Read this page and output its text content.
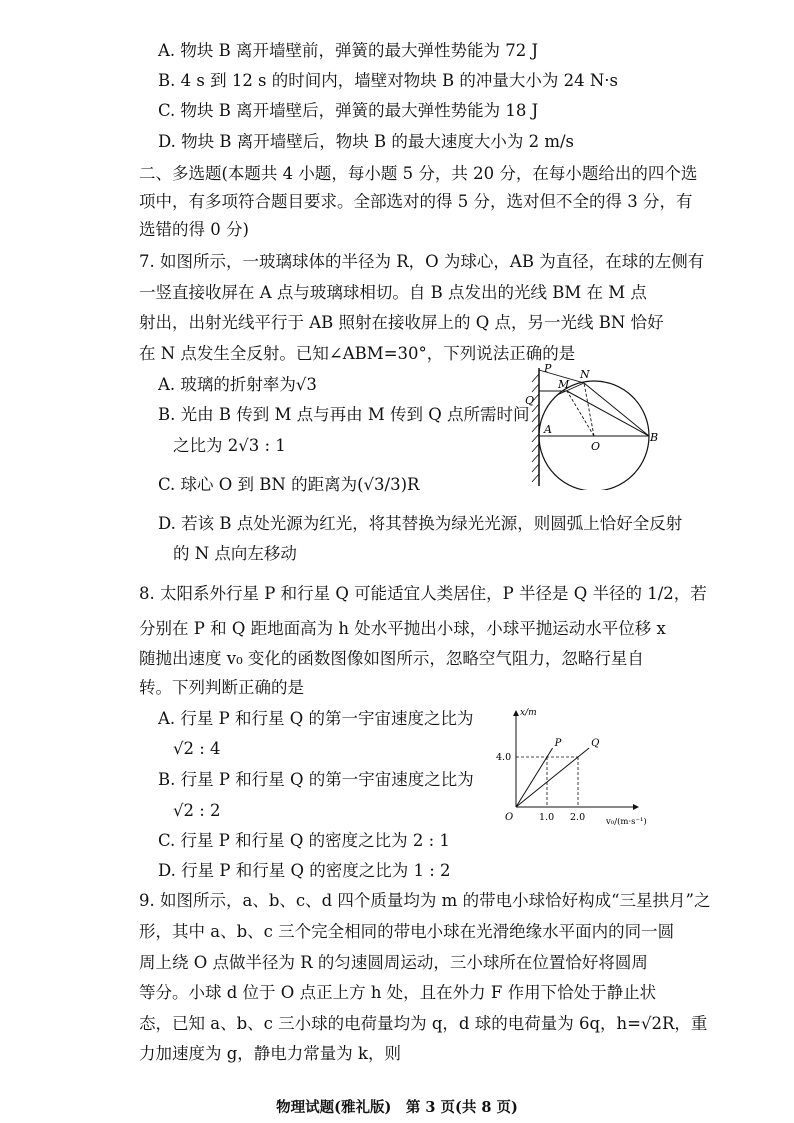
A. 物块 B 离开墙壁前，弹簧的最大弹性势能为 72 J
B. 4 s 到 12 s 的时间内，墙壁对物块 B 的冲量大小为 24 N·s
C. 物块 B 离开墙壁后，弹簧的最大弹性势能为 18 J
D. 物块 B 离开墙壁后，物块 B 的最大速度大小为 2 m/s
二、多选题(本题共 4 小题，每小题 5 分，共 20 分，在每小题给出的四个选
项中，有多项符合题目要求。全部选对的得 5 分，选对但不全的得 3 分，有
选错的得 0 分)
7. 如图所示，一玻璃球体的半径为 R，O 为球心，AB 为直径，在球的左侧有
一竖直接收屏在 A 点与玻璃球相切。自 B 点发出的光线 BM 在 M 点
射出，出射光线平行于 AB 照射在接收屏上的 Q 点，另一光线 BN 恰好
在 N 点发生全反射。已知∠ABM=30°，下列说法正确的是
A. 玻璃的折射率为√3
B. 光由 B 传到 M 点与再由 M 传到 Q 点所需时间
之比为 2√3 : 1
C. 球心 O 到 BN 的距离为(√3/3)R
D. 若该 B 点处光源为红光，将其替换为绿光光源，则圆弧上恰好全反射
的 N 点向左移动
P	N
M
Q
A
O
B
8. 太阳系外行星 P 和行星 Q 可能适宜人类居住，P 半径是 Q 半径的 1/2，若
分别在 P 和 Q 距地面高为 h 处水平抛出小球，小球平抛运动水平位移 x
随抛出速度 v₀ 变化的函数图像如图所示，忽略空气阻力，忽略行星自
转。下列判断正确的是
A. 行星 P 和行星 Q 的第一宇宙速度之比为
√2 : 4
B. 行星 P 和行星 Q 的第一宇宙速度之比为
√2 : 2
C. 行星 P 和行星 Q 的密度之比为 2 : 1
D. 行星 P 和行星 Q 的密度之比为 1 : 2
x/m
v₀/(m·s⁻¹)
O
P	Q
1.0 2.0
4.0
9. 如图所示，a、b、c、d 四个质量均为 m 的带电小球恰好构成“三星拱月”之
形，其中 a、b、c 三个完全相同的带电小球在光滑绝缘水平面内的同一圆
周上绕 O 点做半径为 R 的匀速圆周运动，三小球所在位置恰好将圆周
等分。小球 d 位于 O 点正上方 h 处，且在外力 F 作用下恰处于静止状
态，已知 a、b、c 三小球的电荷量均为 q，d 球的电荷量为 6q，h=√2R，重
力加速度为 g，静电力常量为 k，则
物理试题(雅礼版)　第 3 页(共 8 页)
